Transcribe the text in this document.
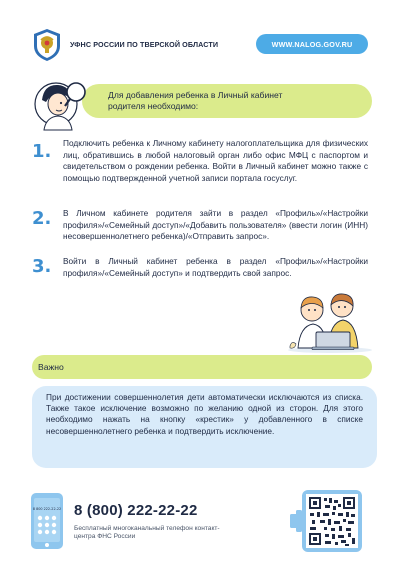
УФНС РОССИИ ПО ТВЕРСКОЙ ОБЛАСТИ	WWW.NALOG.GOV.RU
Для добавления ребенка в Личный кабинет родителя необходимо:
1. Подключить ребенка к Личному кабинету налогоплательщика для физических лиц, обратившись в любой налоговый орган либо офис МФЦ с паспортом и свидетельством о рождении ребенка. Войти в Личный кабинет можно также с помощью подтвержденной учетной записи портала госуслуг.
2. В Личном кабинете родителя зайти в раздел «Профиль»/«Настройки профиля»/«Семейный доступ»/«Добавить пользователя» (ввести логин (ИНН) несовершеннолетнего ребенка)/«Отправить запрос».
3. Войти в Личный кабинет ребенка в раздел «Профиль»/«Настройки профиля»/«Семейный доступ» и подтвердить свой запрос.
Важно
При достижении совершеннолетия дети автоматически исключаются из списка. Также такое исключение возможно по желанию одной из сторон. Для этого необходимо нажать на кнопку «крестик» у добавленного в списке несовершеннолетнего ребенка и подтвердить исключение.
8 800 222-22-22 8 (800) 222-22-22
Бесплатный многоканальный телефон контакт-центра ФНС России
